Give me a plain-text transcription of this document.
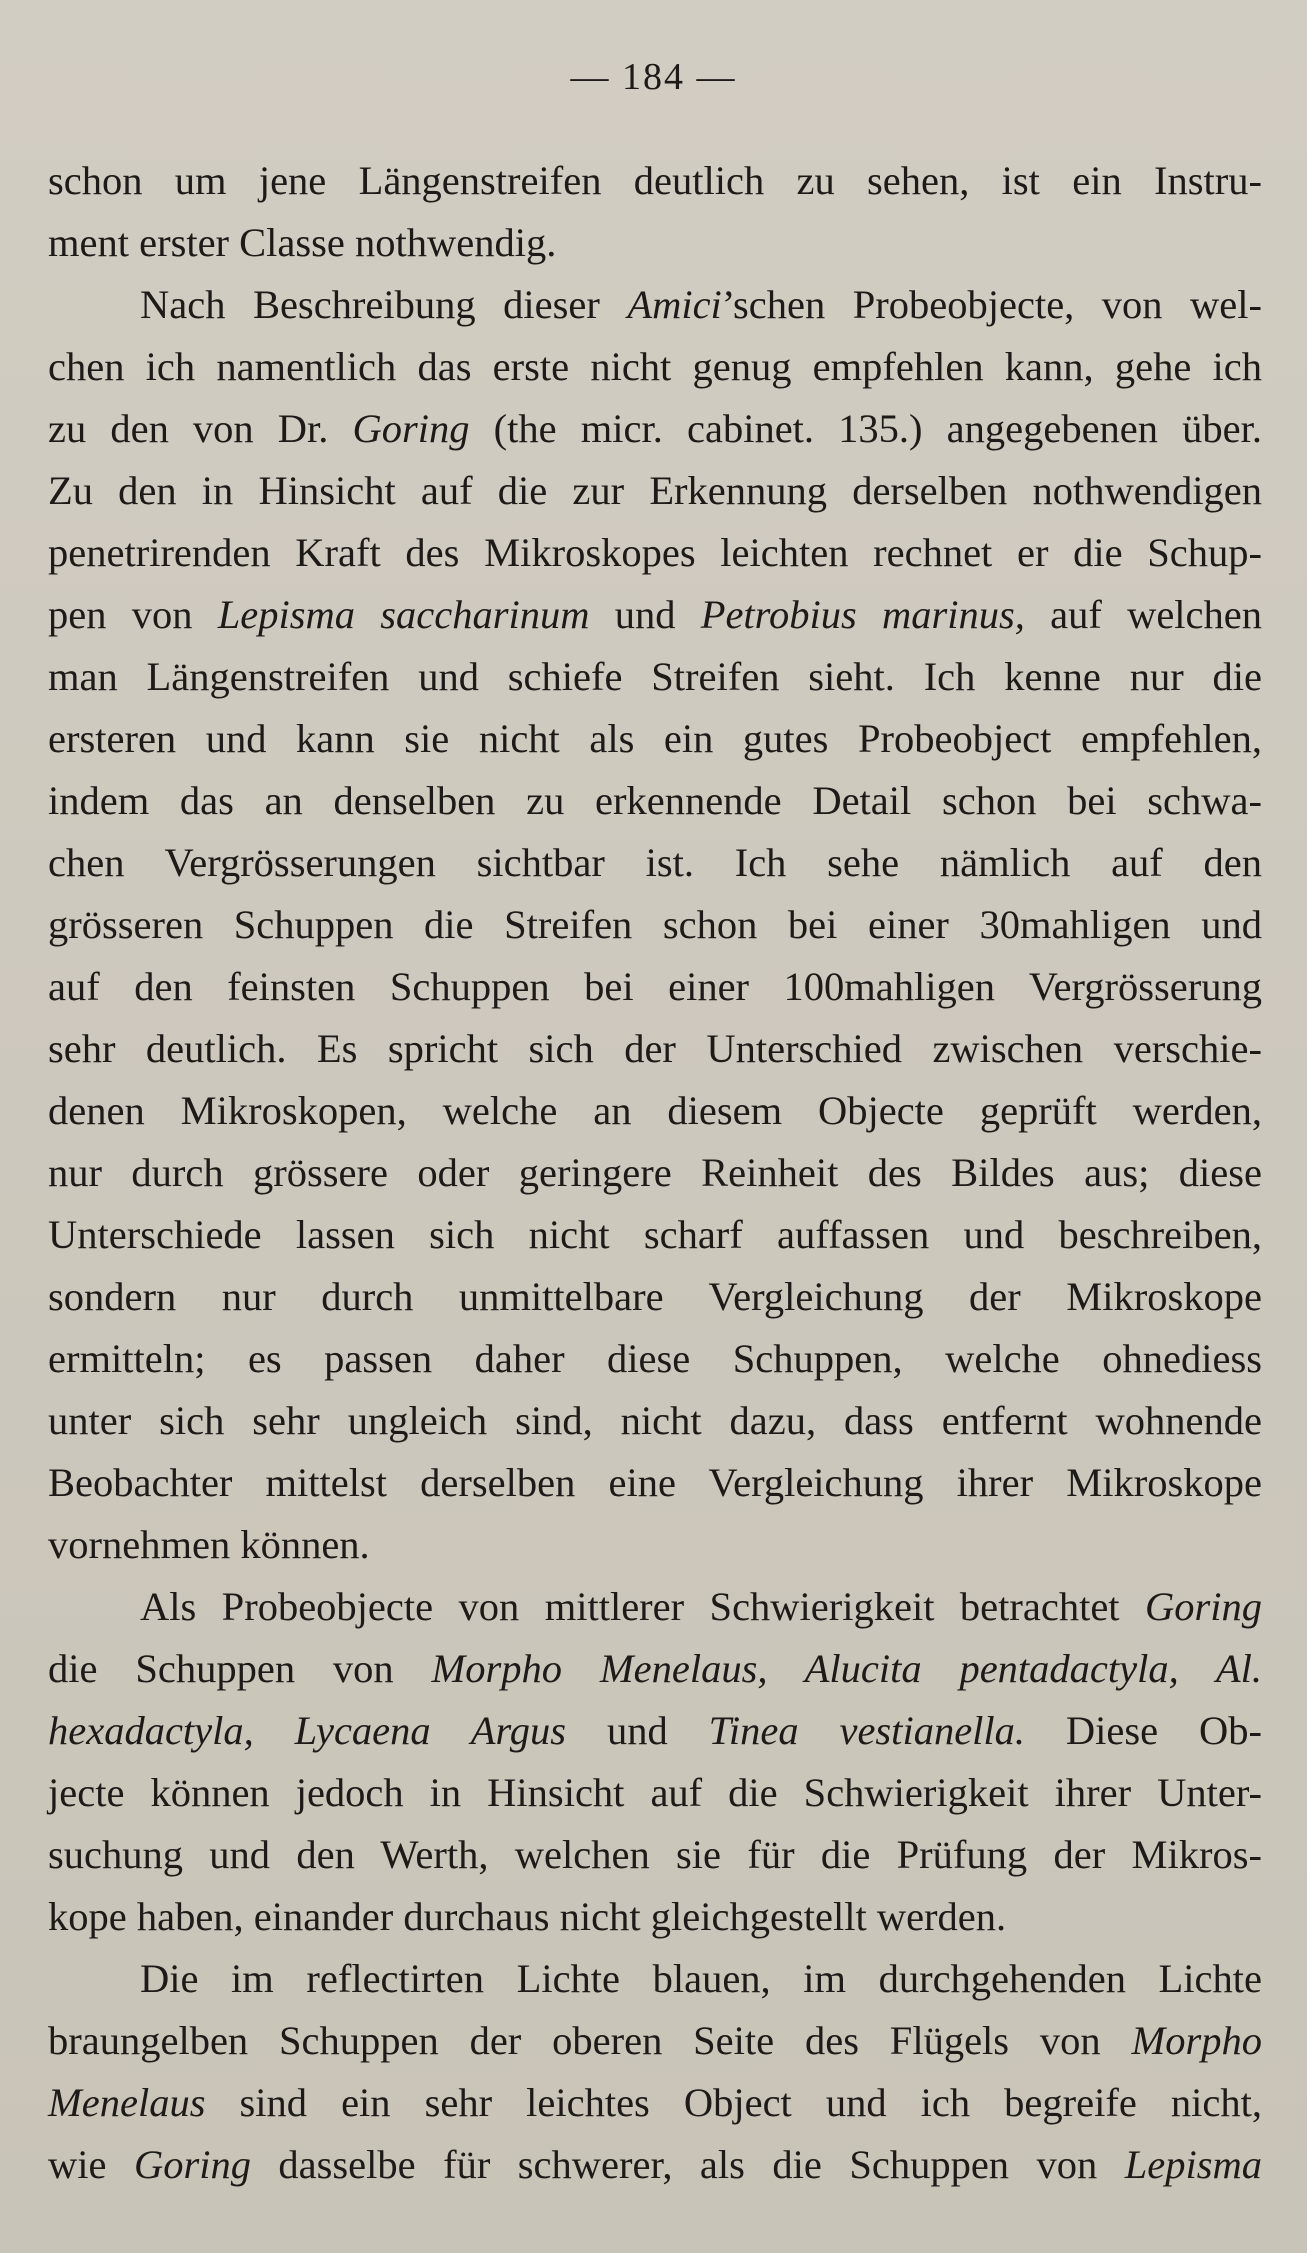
— 184 —
schon um jene Längenstreifen deutlich zu sehen, ist ein Instru-
ment erster Classe nothwendig.
Nach Beschreibung dieser Amici’schen Probeobjecte, von wel-
chen ich namentlich das erste nicht genug empfehlen kann, gehe ich
zu den von Dr. Goring (the micr. cabinet. 135.) angegebenen über.
Zu den in Hinsicht auf die zur Erkennung derselben nothwendigen
penetrirenden Kraft des Mikroskopes leichten rechnet er die Schup-
pen von Lepisma saccharinum und Petrobius marinus, auf welchen
man Längenstreifen und schiefe Streifen sieht. Ich kenne nur die
ersteren und kann sie nicht als ein gutes Probeobject empfehlen,
indem das an denselben zu erkennende Detail schon bei schwa-
chen Vergrösserungen sichtbar ist. Ich sehe nämlich auf den
grösseren Schuppen die Streifen schon bei einer 30mahligen und
auf den feinsten Schuppen bei einer 100mahligen Vergrösserung
sehr deutlich. Es spricht sich der Unterschied zwischen verschie-
denen Mikroskopen, welche an diesem Objecte geprüft werden,
nur durch grössere oder geringere Reinheit des Bildes aus; diese
Unterschiede lassen sich nicht scharf auffassen und beschreiben,
sondern nur durch unmittelbare Vergleichung der Mikroskope
ermitteln; es passen daher diese Schuppen, welche ohnediess
unter sich sehr ungleich sind, nicht dazu, dass entfernt wohnende
Beobachter mittelst derselben eine Vergleichung ihrer Mikroskope
vornehmen können.
Als Probeobjecte von mittlerer Schwierigkeit betrachtet Goring
die Schuppen von Morpho Menelaus, Alucita pentadactyla, Al.
hexadactyla, Lycaena Argus und Tinea vestianella. Diese Ob-
jecte können jedoch in Hinsicht auf die Schwierigkeit ihrer Unter-
suchung und den Werth, welchen sie für die Prüfung der Mikros-
kope haben, einander durchaus nicht gleichgestellt werden.
Die im reflectirten Lichte blauen, im durchgehenden Lichte
braungelben Schuppen der oberen Seite des Flügels von Morpho
Menelaus sind ein sehr leichtes Object und ich begreife nicht,
wie Goring dasselbe für schwerer, als die Schuppen von Lepisma
